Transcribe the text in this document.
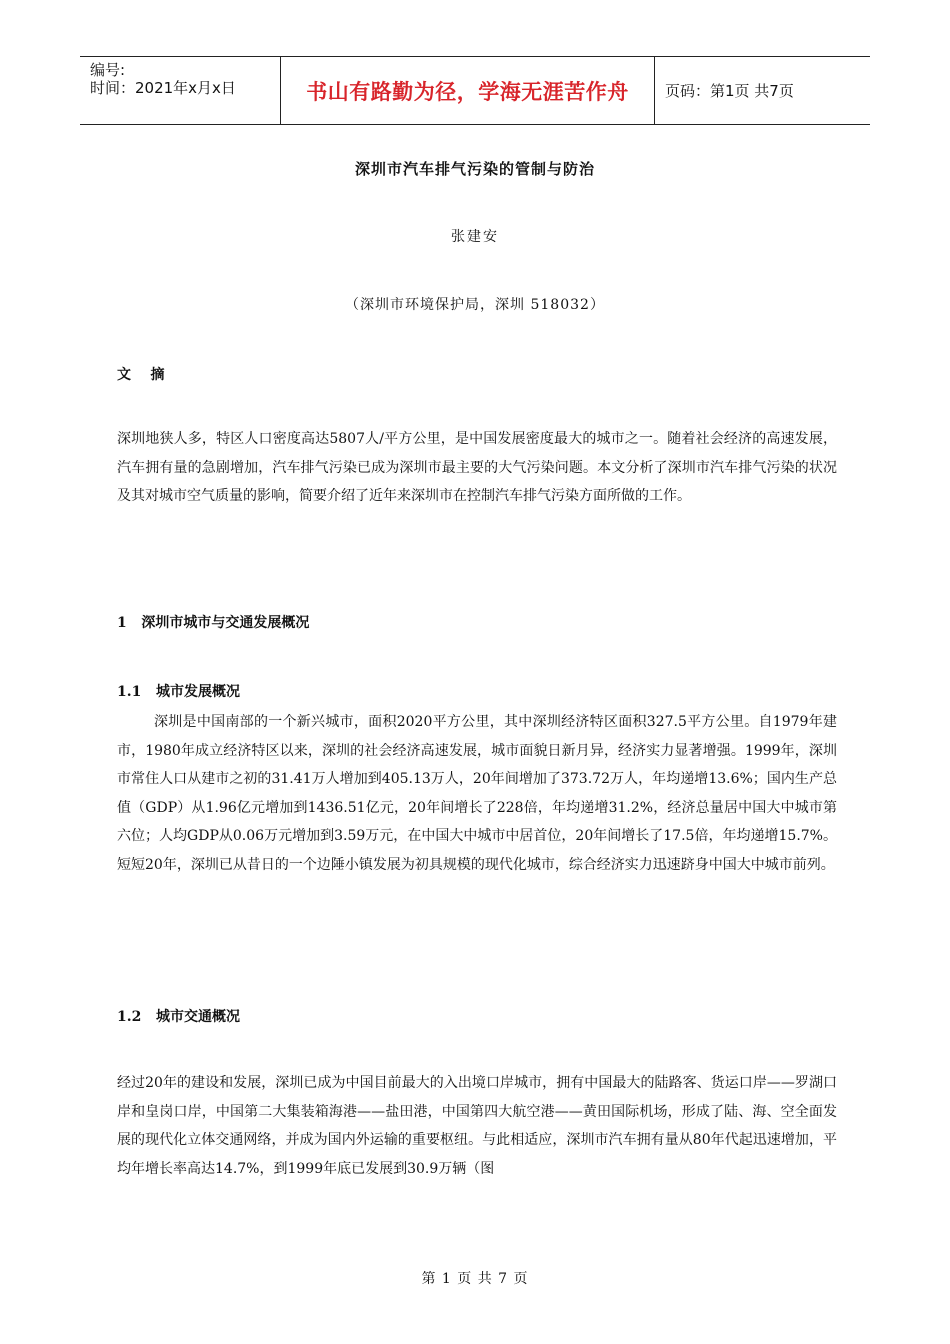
编号:
时间：2021年x月x日	书山有路勤为径，学海无涯苦作舟	页码：第1页 共7页
深圳市汽车排气污染的管制与防治
张建安
（深圳市环境保护局，深圳 518032）
文    摘

深圳地狭人多，特区人口密度高达5807人/平方公里，是中国发展密度最大的城市之一。随着社会经济的高速发展，汽车拥有量的急剧增加，汽车排气污染已成为深圳市最主要的大气污染问题。本文分析了深圳市汽车排气污染的状况及其对城市空气质量的影响，简要介绍了近年来深圳市在控制汽车排气污染方面所做的工作。

1   深圳市城市与交通发展概况
1.1   城市发展概况

深圳是中国南部的一个新兴城市，面积2020平方公里，其中深圳经济特区面积327.5平方公里。自1979年建市，1980年成立经济特区以来，深圳的社会经济高速发展，城市面貌日新月异，经济实力显著增强。1999年，深圳市常住人口从建市之初的31.41万人增加到405.13万人，20年间增加了373.72万人，年均递增13.6%；国内生产总值（GDP）从1.96亿元增加到1436.51亿元，20年间增长了228倍，年均递增31.2%，经济总量居中国大中城市第六位；人均GDP从0.06万元增加到3.59万元，在中国大中城市中居首位，20年间增长了17.5倍，年均递增15.7%。短短20年，深圳已从昔日的一个边陲小镇发展为初具规模的现代化城市，综合经济实力迅速跻身中国大中城市前列。

1.2   城市交通概况

经过20年的建设和发展，深圳已成为中国目前最大的入出境口岸城市，拥有中国最大的陆路客、货运口岸——罗湖口岸和皇岗口岸，中国第二大集装箱海港——盐田港，中国第四大航空港——黄田国际机场，形成了陆、海、空全面发展的现代化立体交通网络，并成为国内外运输的重要枢纽。与此相适应，深圳市汽车拥有量从80年代起迅速增加，平均年增长率高达14.7%，到1999年底已发展到30.9万辆（图

第 1 页 共 7 页
